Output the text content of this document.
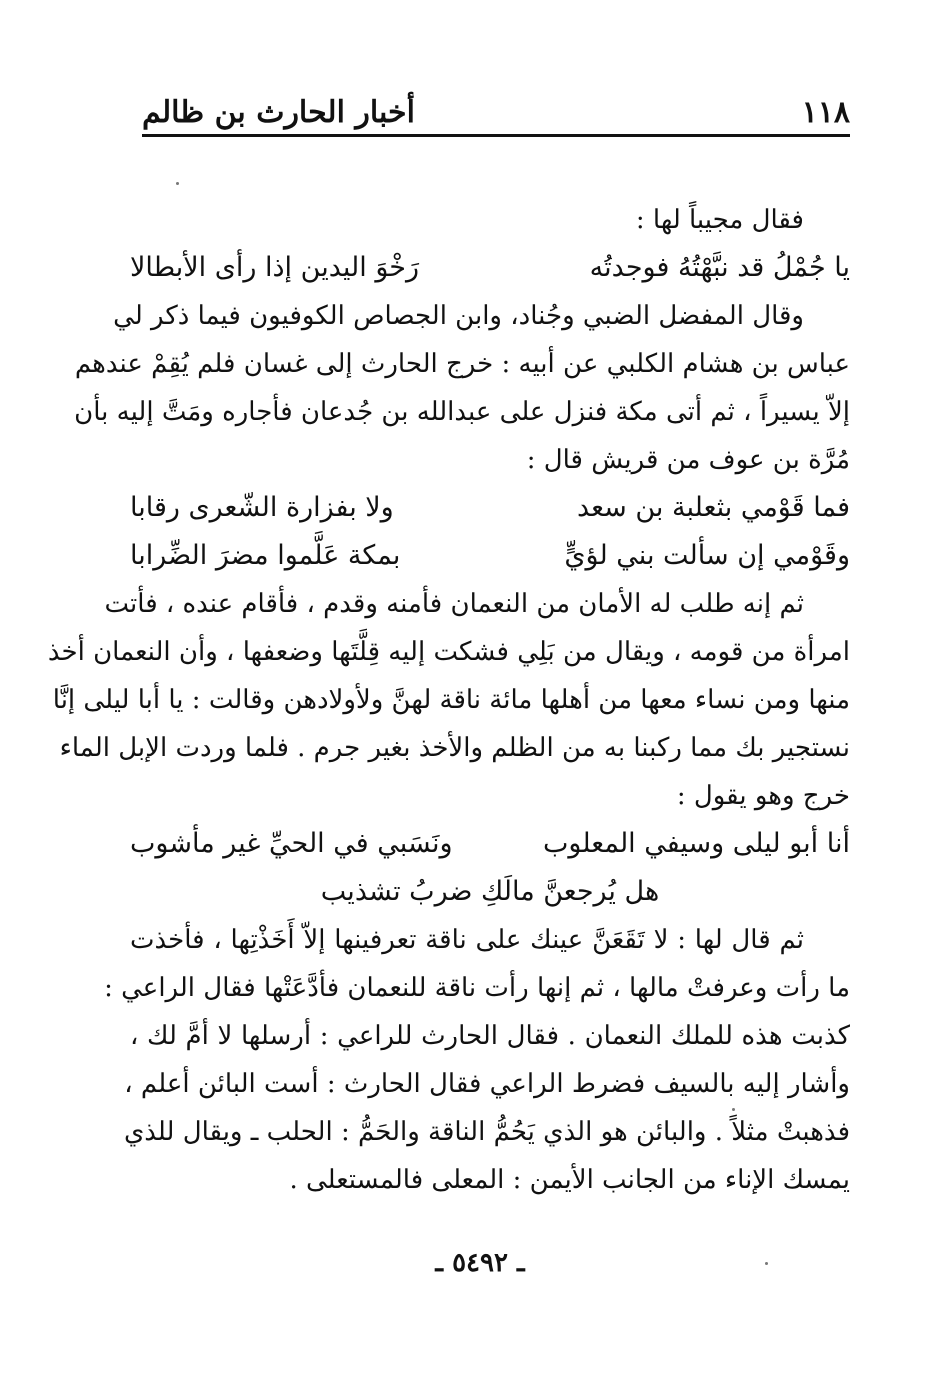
١١٨
أخبار الحارث بن ظالم
فقال مجيباً لها :
يا جُمْلُ قد نبَّهْتُهُ فوجدتُه
رَخْوَ اليدين إذا رأى الأبطالا
وقال المفضل الضبي وجُناد، وابن الجصاص الكوفيون فيما ذكر لي
عباس بن هشام الكلبي عن أبيه : خرج الحارث إلى غسان فلم يُقِمْ عندهم
إلاّ يسيراً ، ثم أتى مكة فنزل على عبدالله بن جُدعان فأجاره ومَتَّ إليه بأن
مُرَّة بن عوف من قريش قال :
فما قَوْمي بثعلبة بن سعد
ولا بفزارة الشّعرى رقابا
وقَوْمي إن سألت بني لؤيٍّ
بمكة عَلَّموا مضرَ الضِّرابا
ثم إنه طلب له الأمان من النعمان فأمنه وقدم ، فأقام عنده ، فأتت
امرأة من قومه ، ويقال من بَلِي فشكت إليه قِلَّتَها وضعفها ، وأن النعمان أخذ
منها ومن نساء معها من أهلها مائة ناقة لهنَّ ولأولادهن وقالت : يا أبا ليلى إنَّا
نستجير بك مما ركبنا به من الظلم والأخذ بغير جرم . فلما وردت الإبل الماء
خرج وهو يقول :
أنا أبو ليلى وسيفي المعلوب
ونَسَبي في الحيِّ غير مأشوب
هل يُرجعنَّ مالَكِ ضربُ تشذيب
ثم قال لها : لا تَقَعَنَّ عينك على ناقة تعرفينها إلاّ أَخَذْتِها ، فأخذت
ما رأت وعرفتْ مالها ، ثم إنها رأت ناقة للنعمان فأدَّعَتْها فقال الراعي :
كذبت هذه للملك النعمان . فقال الحارث للراعي : أرسلها لا أمَّ لك ،
وأشار إليه بالسيف فضرط الراعي فقال الحارث : أست البائن أعلم ،
فذهبتْ مثلاً . والبائن هو الذي يَحُمُّ الناقة والحَمُّ : الحلب ـ ويقال للذي
يمسك الإناء من الجانب الأيمن : المعلى فالمستعلى .
ـ ٥٤٩٢ ـ
